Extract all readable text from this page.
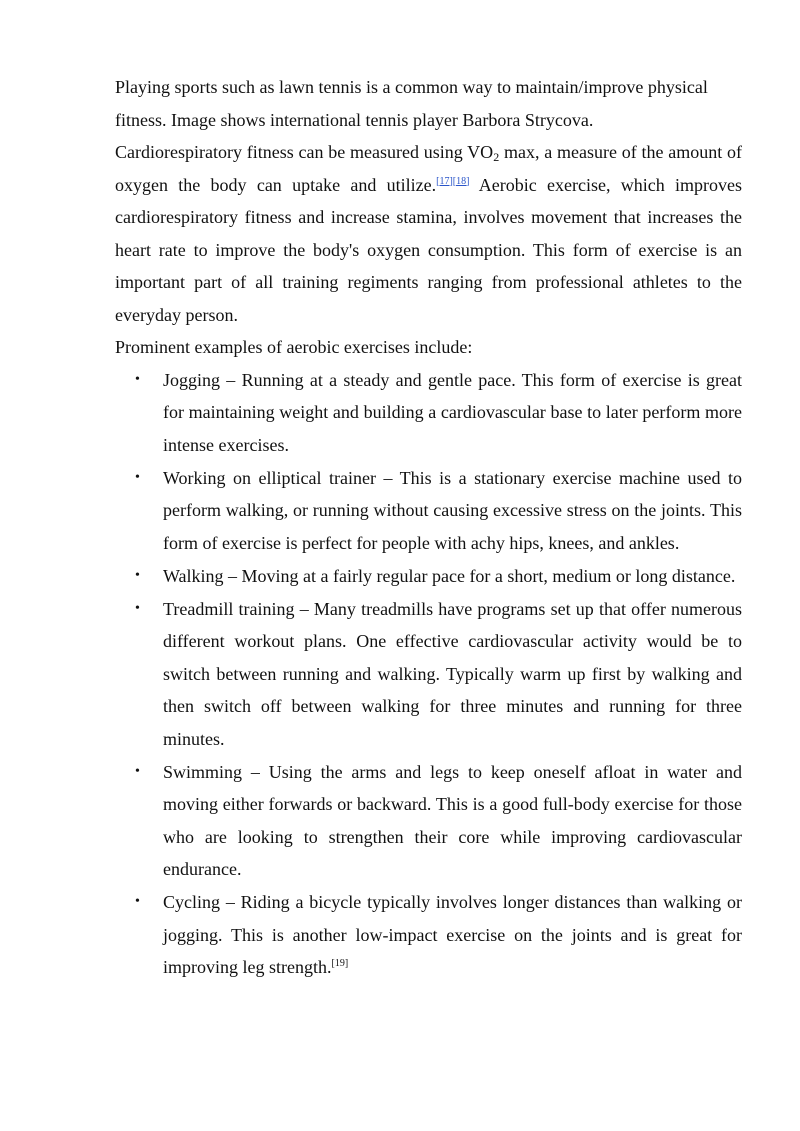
Playing sports such as lawn tennis is a common way to maintain/improve physical fitness. Image shows international tennis player Barbora Strycova.

Cardiorespiratory fitness can be measured using $VO_2$ max, a measure of the amount of oxygen the body can uptake and utilize.[17][18] Aerobic exercise, which improves cardiorespiratory fitness and increase stamina, involves movement that increases the heart rate to improve the body's oxygen consumption. This form of exercise is an important part of all training regiments ranging from professional athletes to the everyday person.

Prominent examples of aerobic exercises include:

• Jogging – Running at a steady and gentle pace. This form of exercise is great for maintaining weight and building a cardiovascular base to later perform more intense exercises.
• Working on elliptical trainer – This is a stationary exercise machine used to perform walking, or running without causing excessive stress on the joints. This form of exercise is perfect for people with achy hips, knees, and ankles.
• Walking – Moving at a fairly regular pace for a short, medium or long distance.
• Treadmill training – Many treadmills have programs set up that offer numerous different workout plans. One effective cardiovascular activity would be to switch between running and walking. Typically warm up first by walking and then switch off between walking for three minutes and running for three minutes.
• Swimming – Using the arms and legs to keep oneself afloat in water and moving either forwards or backward. This is a good full-body exercise for those who are looking to strengthen their core while improving cardiovascular endurance.
• Cycling – Riding a bicycle typically involves longer distances than walking or jogging. This is another low-impact exercise on the joints and is great for improving leg strength.[19]
